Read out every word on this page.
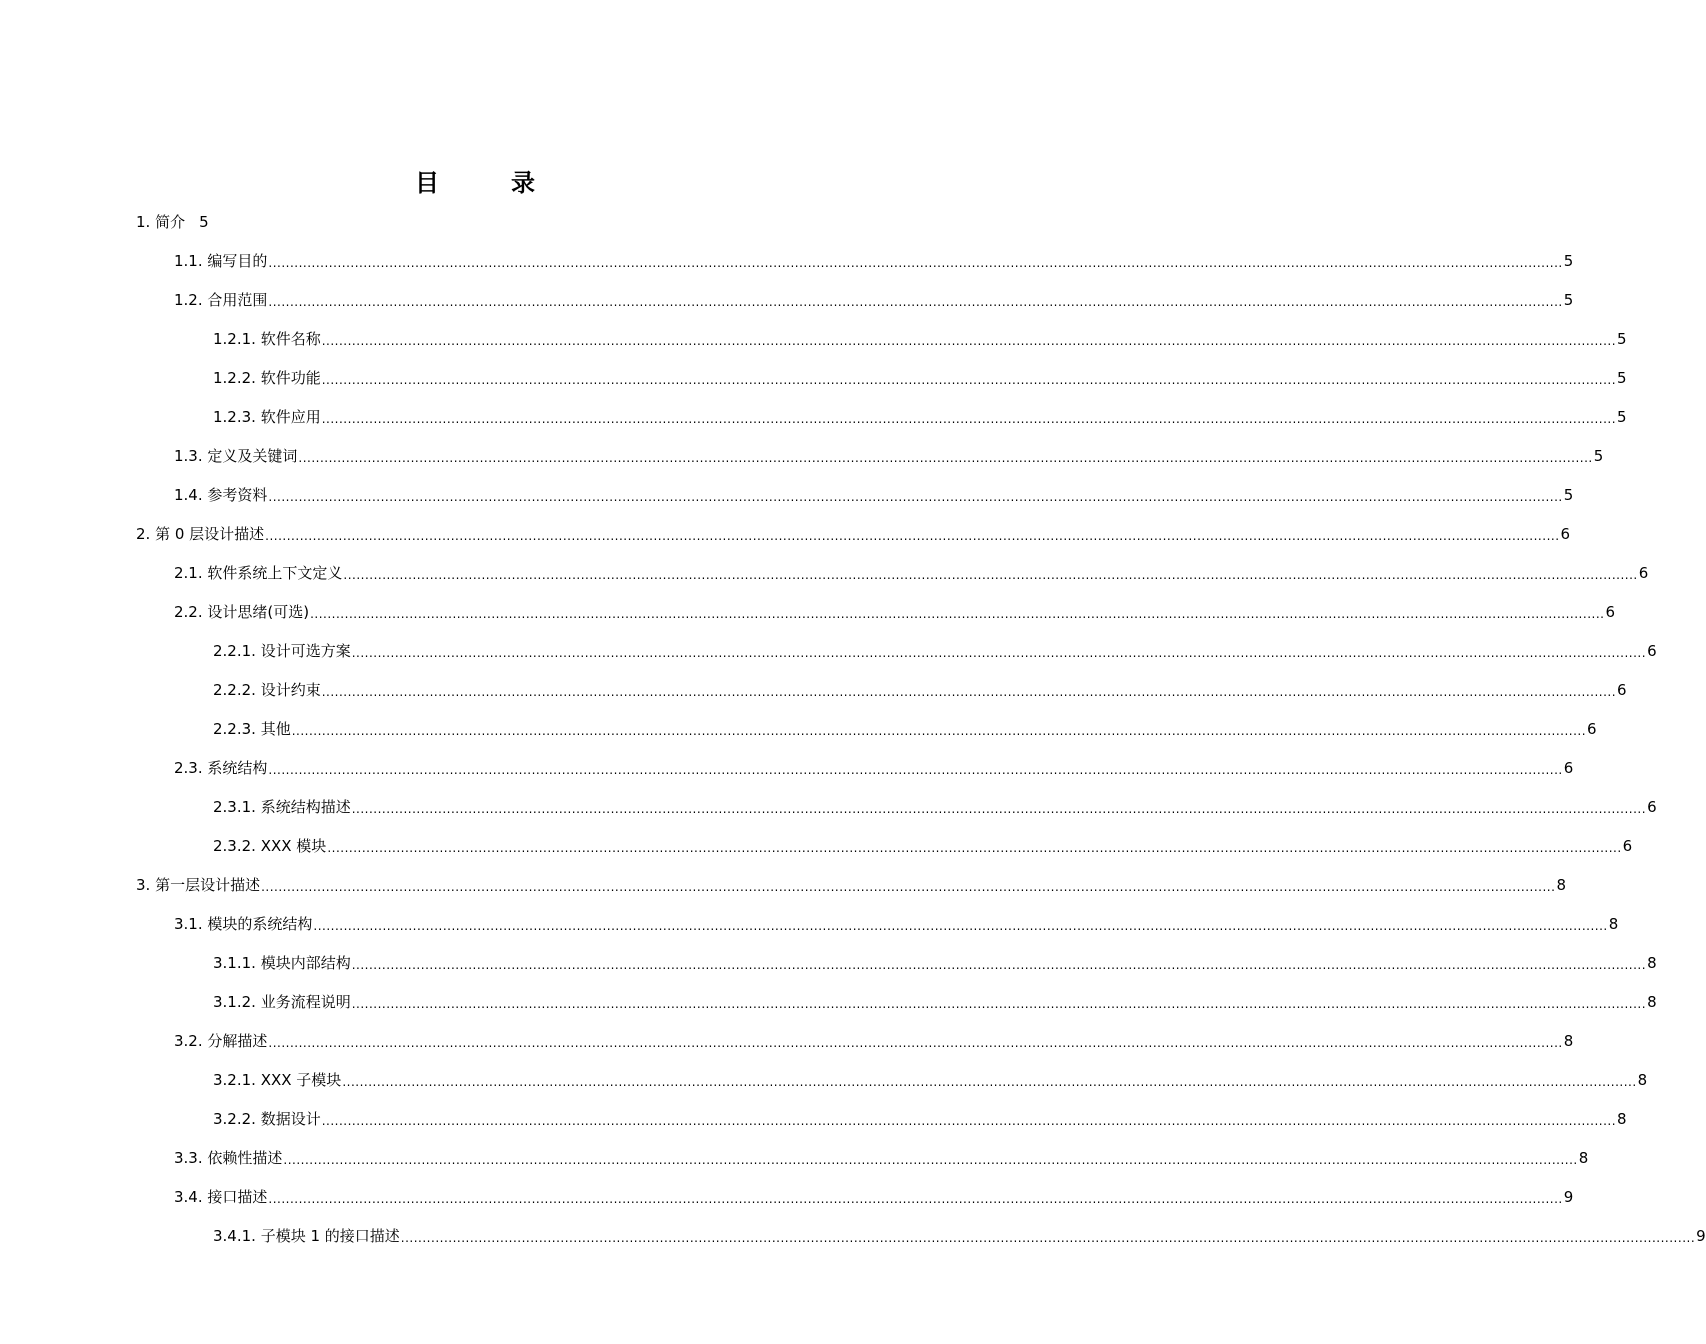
目　录
1. 简介 5
1.1. 编写目的 ............................................................................................................................................................................................................................................................................................................ 5
1.2. 合用范围 ............................................................................................................................................................................................................................................................................................................ 5
1.2.1. 软件名称 ............................................................................................................................................................................................................................................................................................................ 5
1.2.2. 软件功能 ............................................................................................................................................................................................................................................................................................................ 5
1.2.3. 软件应用 ............................................................................................................................................................................................................................................................................................................ 5
1.3. 定义及关键词 ............................................................................................................................................................................................................................................................................................................ 5
1.4. 参考资料 ............................................................................................................................................................................................................................................................................................................ 5
2. 第 0 层设计描述 ............................................................................................................................................................................................................................................................................................................ 6
2.1. 软件系统上下文定义 ............................................................................................................................................................................................................................................................................................................ 6
2.2. 设计思绪(可选) ............................................................................................................................................................................................................................................................................................................ 6
2.2.1. 设计可选方案 ............................................................................................................................................................................................................................................................................................................ 6
2.2.2. 设计约束 ............................................................................................................................................................................................................................................................................................................ 6
2.2.3. 其他 ............................................................................................................................................................................................................................................................................................................ 6
2.3. 系统结构 ............................................................................................................................................................................................................................................................................................................ 6
2.3.1. 系统结构描述 ............................................................................................................................................................................................................................................................................................................ 6
2.3.2. XXX 模块 ............................................................................................................................................................................................................................................................................................................ 6
3. 第一层设计描述 ............................................................................................................................................................................................................................................................................................................ 8
3.1. 模块的系统结构 ............................................................................................................................................................................................................................................................................................................ 8
3.1.1. 模块内部结构 ............................................................................................................................................................................................................................................................................................................ 8
3.1.2. 业务流程说明 ............................................................................................................................................................................................................................................................................................................ 8
3.2. 分解描述 ............................................................................................................................................................................................................................................................................................................ 8
3.2.1. XXX 子模块 ............................................................................................................................................................................................................................................................................................................ 8
3.2.2. 数据设计 ............................................................................................................................................................................................................................................................................................................ 8
3.3. 依赖性描述 ............................................................................................................................................................................................................................................................................................................ 8
3.4. 接口描述 ............................................................................................................................................................................................................................................................................................................ 9
3.4.1. 子模块 1 的接口描述 ............................................................................................................................................................................................................................................................................................................ 9
